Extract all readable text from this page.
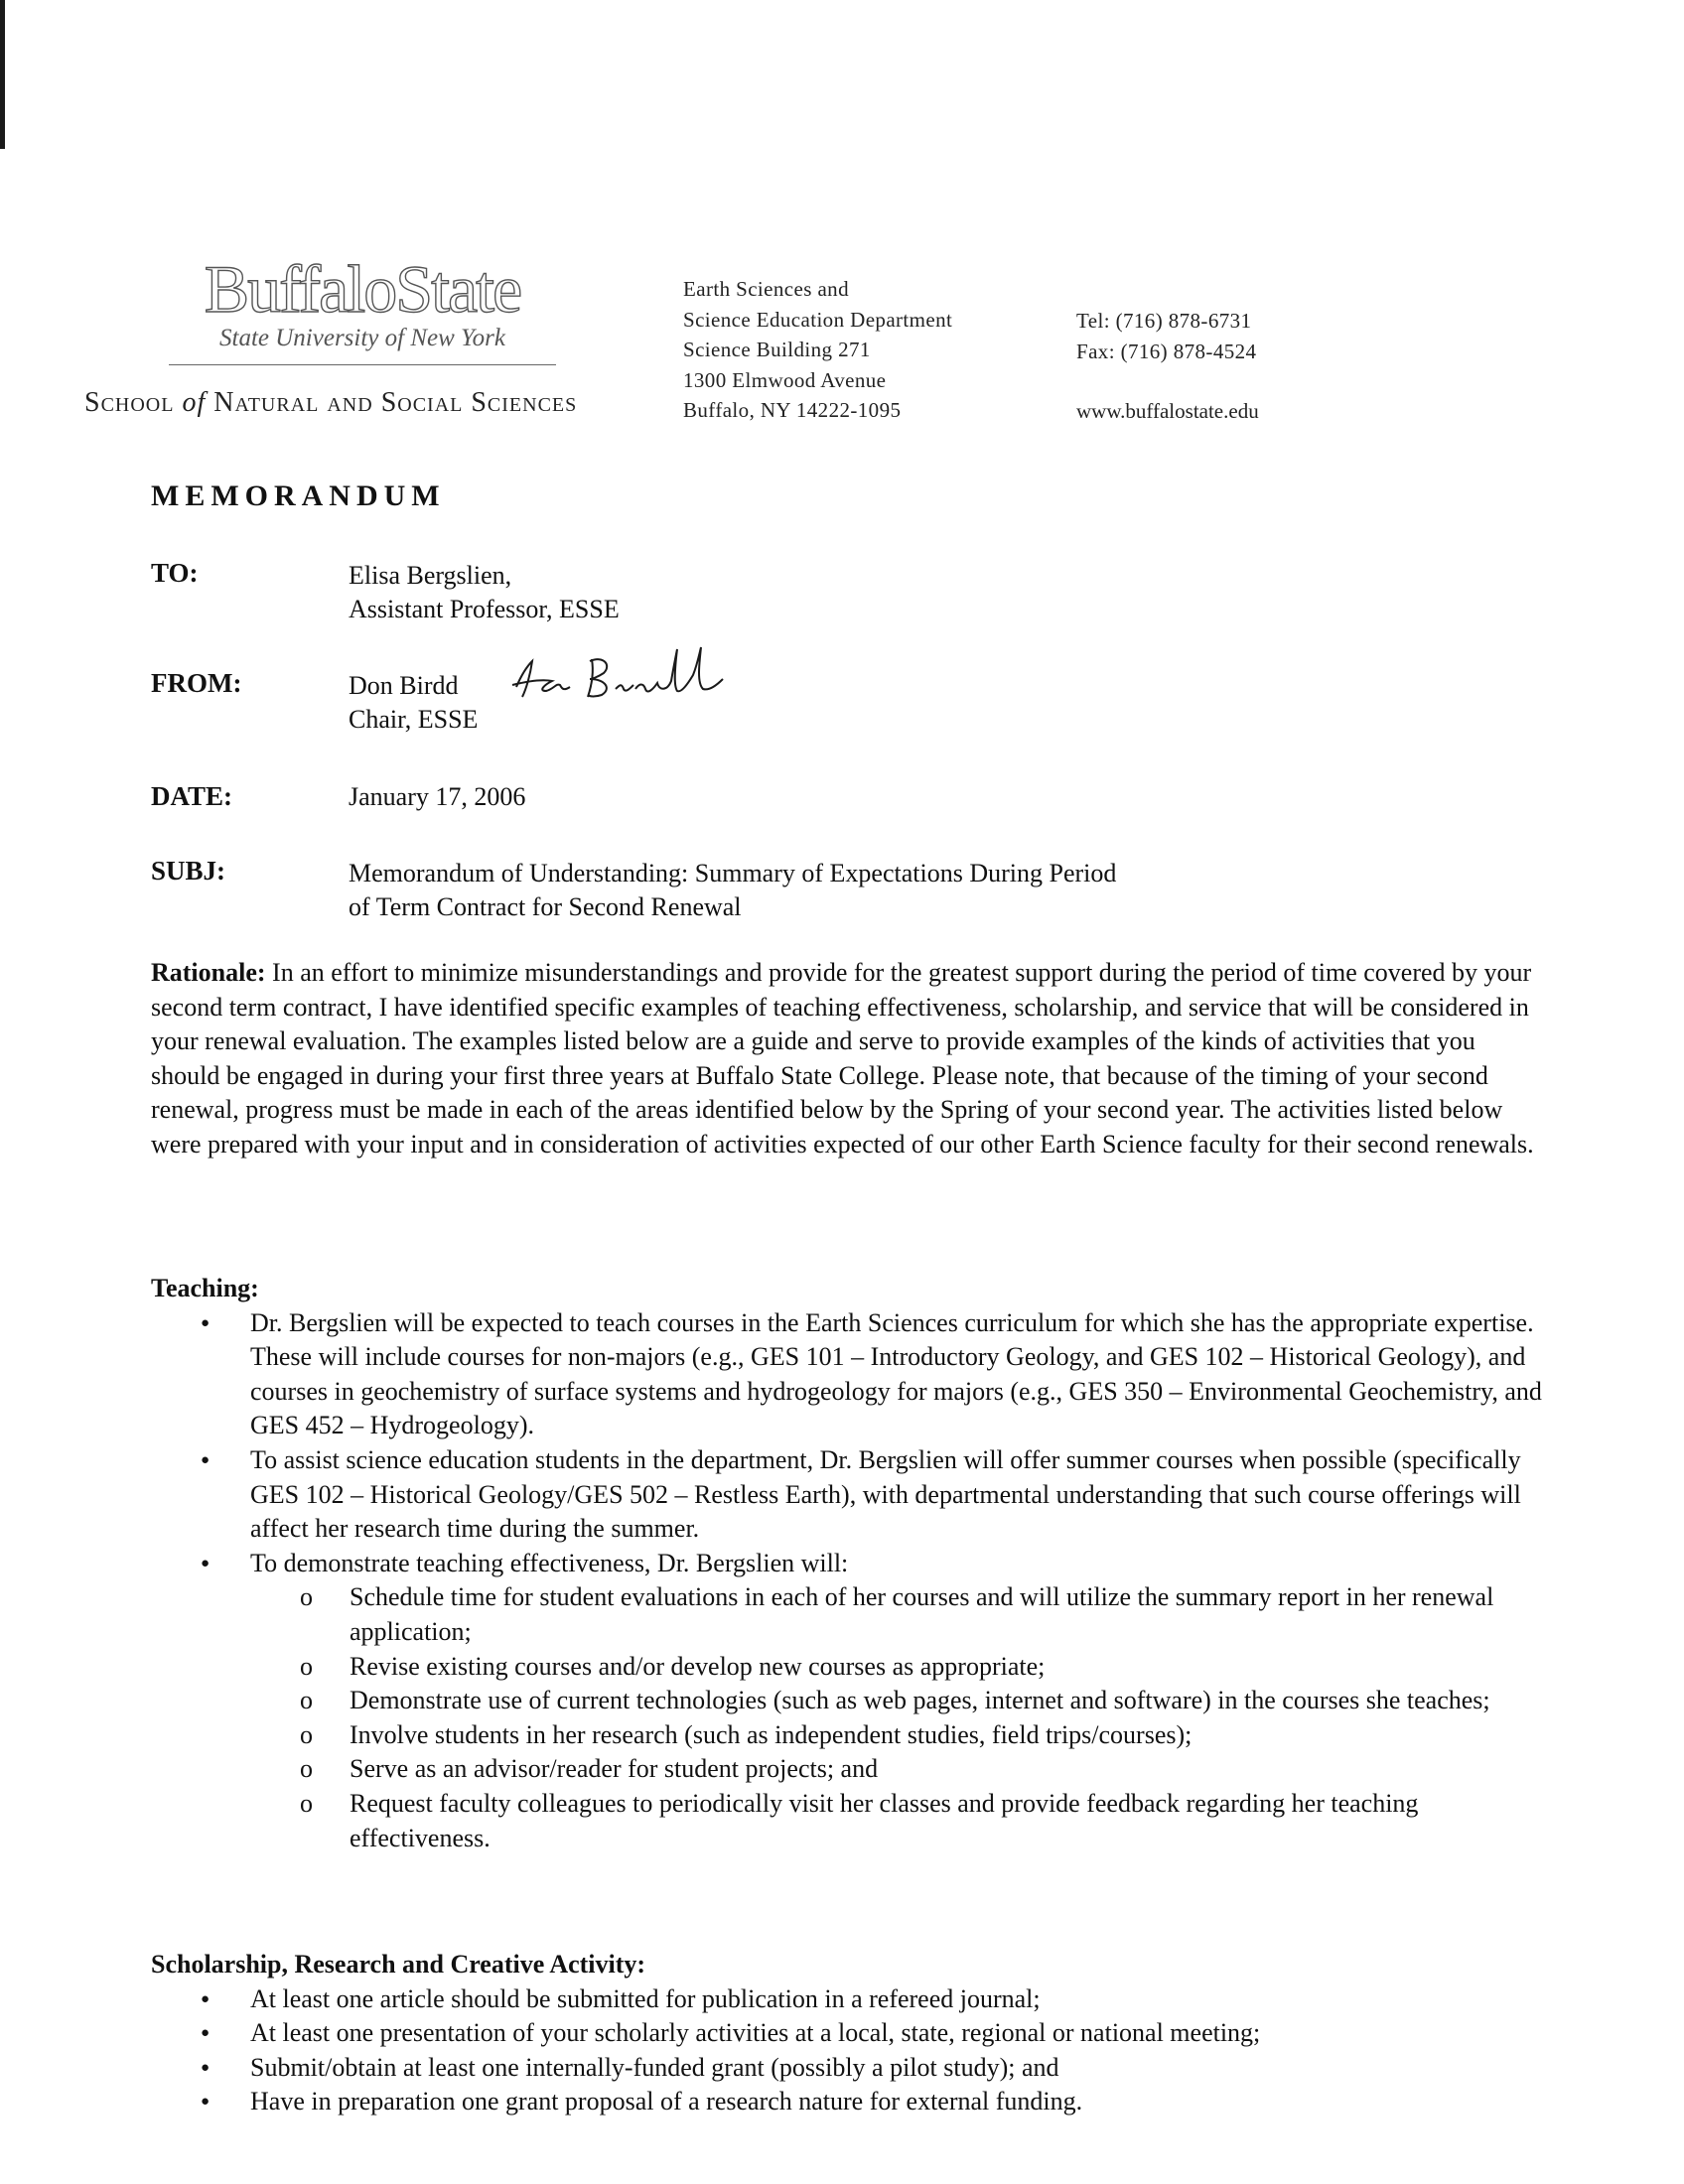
BuffaloState
State University of New York
School of Natural and Social Sciences
Earth Sciences and
Science Education Department
Science Building 271
1300 Elmwood Avenue
Buffalo, NY 14222-1095
Tel: (716) 878-6731
Fax: (716) 878-4524
www.buffalostate.edu
MEMORANDUM
TO:	Elisa Bergslien,
Assistant Professor, ESSE
FROM:	Don Birdd
Chair, ESSE
DATE:	January 17, 2006
SUBJ:	Memorandum of Understanding: Summary of Expectations During Period
of Term Contract for Second Renewal
Rationale: In an effort to minimize misunderstandings and provide for the greatest support during the period of time covered by your second term contract, I have identified specific examples of teaching effectiveness, scholarship, and service that will be considered in your renewal evaluation. The examples listed below are a guide and serve to provide examples of the kinds of activities that you should be engaged in during your first three years at Buffalo State College. Please note, that because of the timing of your second renewal, progress must be made in each of the areas identified below by the Spring of your second year. The activities listed below were prepared with your input and in consideration of activities expected of our other Earth Science faculty for their second renewals.
Teaching:
● Dr. Bergslien will be expected to teach courses in the Earth Sciences curriculum for which she has the appropriate expertise. These will include courses for non-majors (e.g., GES 101 – Introductory Geology, and GES 102 – Historical Geology), and courses in geochemistry of surface systems and hydrogeology for majors (e.g., GES 350 – Environmental Geochemistry, and GES 452 – Hydrogeology).
● To assist science education students in the department, Dr. Bergslien will offer summer courses when possible (specifically GES 102 – Historical Geology/GES 502 – Restless Earth), with departmental understanding that such course offerings will affect her research time during the summer.
● To demonstrate teaching effectiveness, Dr. Bergslien will:
o Schedule time for student evaluations in each of her courses and will utilize the summary report in her renewal application;
o Revise existing courses and/or develop new courses as appropriate;
o Demonstrate use of current technologies (such as web pages, internet and software) in the courses she teaches;
o Involve students in her research (such as independent studies, field trips/courses);
o Serve as an advisor/reader for student projects; and
o Request faculty colleagues to periodically visit her classes and provide feedback regarding her teaching effectiveness.
Scholarship, Research and Creative Activity:
● At least one article should be submitted for publication in a refereed journal;
● At least one presentation of your scholarly activities at a local, state, regional or national meeting;
● Submit/obtain at least one internally-funded grant (possibly a pilot study); and
● Have in preparation one grant proposal of a research nature for external funding.
